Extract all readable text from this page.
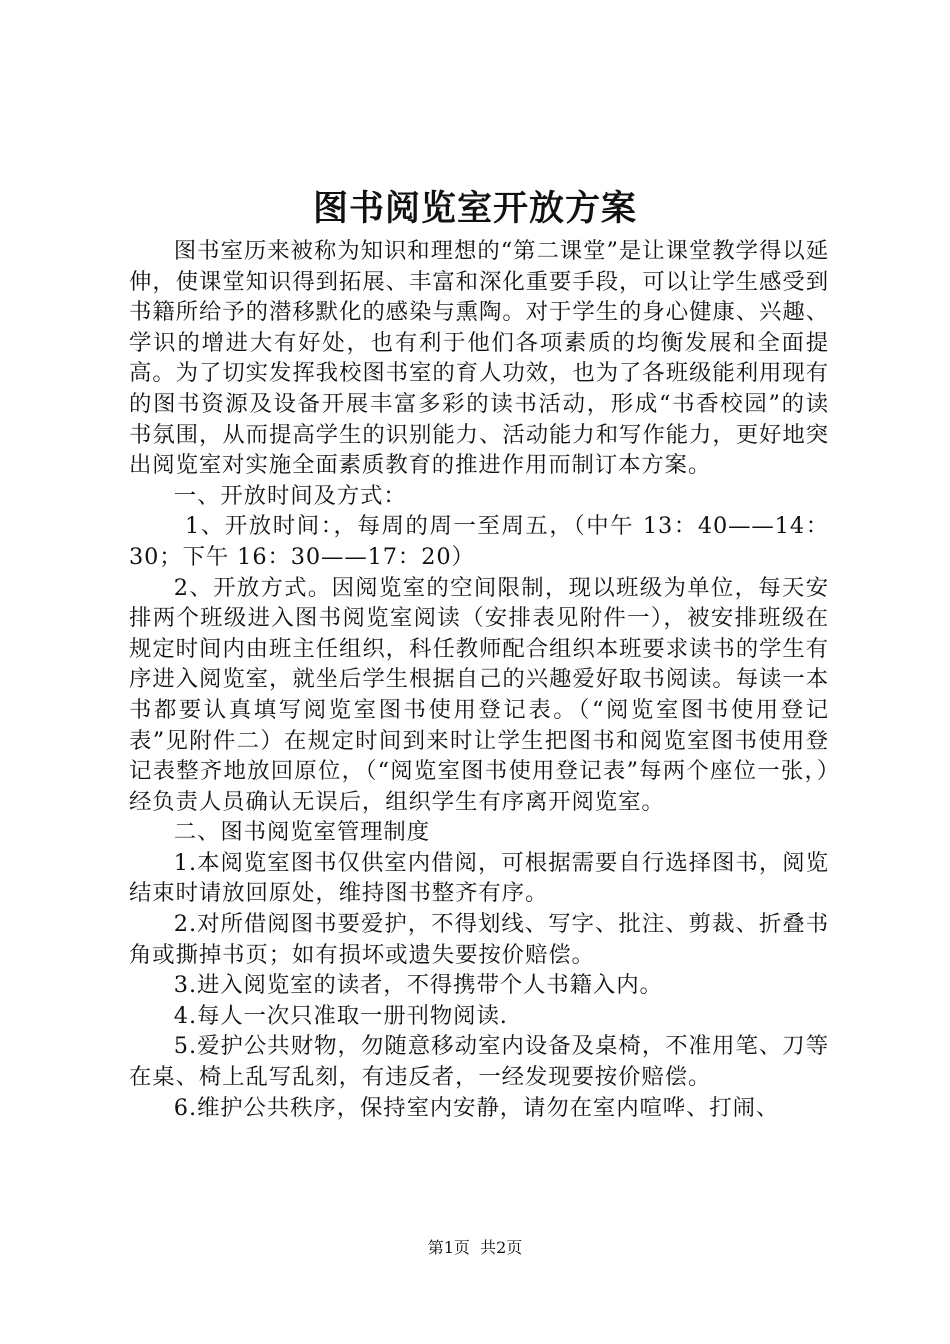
图书阅览室开放方案

图书室历来被称为知识和理想的“第二课堂”是让课堂教学得以延伸，使课堂知识得到拓展、丰富和深化重要手段，可以让学生感受到书籍所给予的潜移默化的感染与熏陶。对于学生的身心健康、兴趣、学识的增进大有好处，也有利于他们各项素质的均衡发展和全面提高。为了切实发挥我校图书室的育人功效，也为了各班级能利用现有的图书资源及设备开展丰富多彩的读书活动，形成“书香校园”的读书氛围，从而提高学生的识别能力、活动能力和写作能力，更好地突出阅览室对实施全面素质教育的推进作用而制订本方案。

一、开放时间及方式：

1、开放时间：，每周的周一至周五，（中午 13：40——14：30；下午 16：30——17：20）

2、开放方式。因阅览室的空间限制，现以班级为单位，每天安排两个班级进入图书阅览室阅读（安排表见附件一），被安排班级在规定时间内由班主任组织，科任教师配合组织本班要求读书的学生有序进入阅览室，就坐后学生根据自己的兴趣爱好取书阅读。每读一本书都要认真填写阅览室图书使用登记表。（“阅览室图书使用登记表”见附件二）在规定时间到来时让学生把图书和阅览室图书使用登记表整齐地放回原位，（“阅览室图书使用登记表”每两个座位一张，）经负责人员确认无误后，组织学生有序离开阅览室。

二、图书阅览室管理制度

1.本阅览室图书仅供室内借阅，可根据需要自行选择图书，阅览结束时请放回原处，维持图书整齐有序。

2.对所借阅图书要爱护，不得划线、写字、批注、剪裁、折叠书角或撕掉书页；如有损坏或遗失要按价赔偿。

3.进入阅览室的读者，不得携带个人书籍入内。

4.每人一次只准取一册刊物阅读.

5.爱护公共财物，勿随意移动室内设备及桌椅，不准用笔、刀等在桌、椅上乱写乱刻，有违反者，一经发现要按价赔偿。

6.维护公共秩序，保持室内安静，请勿在室内喧哗、打闹、

第1页 共2页
